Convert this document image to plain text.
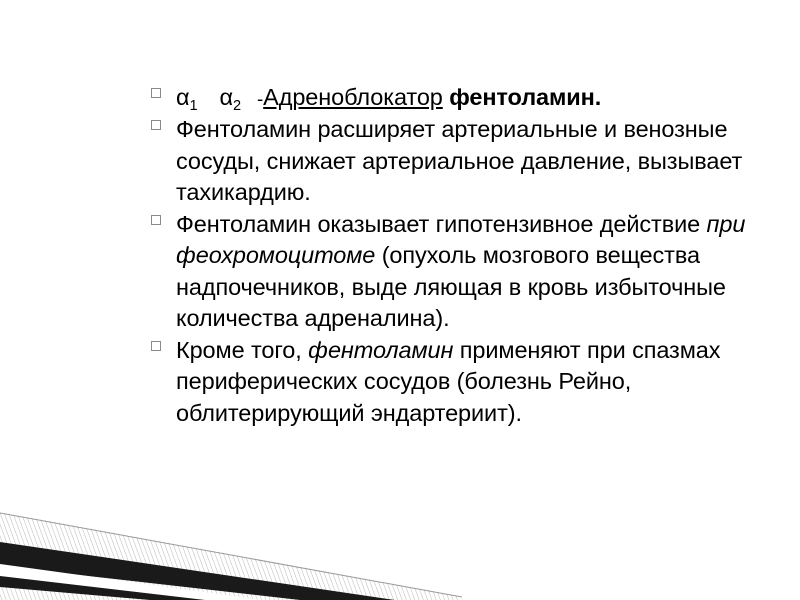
$\alpha_1$ $\alpha_2$ -Адреноблокатор фентоламин.
Фентоламин расширяет артериальные и венозные сосуды, снижает артериальное давление, вызывает тахикардию.
Фентоламин оказывает гипотензивное действие при феохромоцитоме (опухоль мозгового вещества надпочечников, выде ляющая в кровь избыточные количества адреналина).
Кроме того, фентоламин применяют при спазмах периферических сосудов (болезнь Рейно, облитерирующий эндартериит).
